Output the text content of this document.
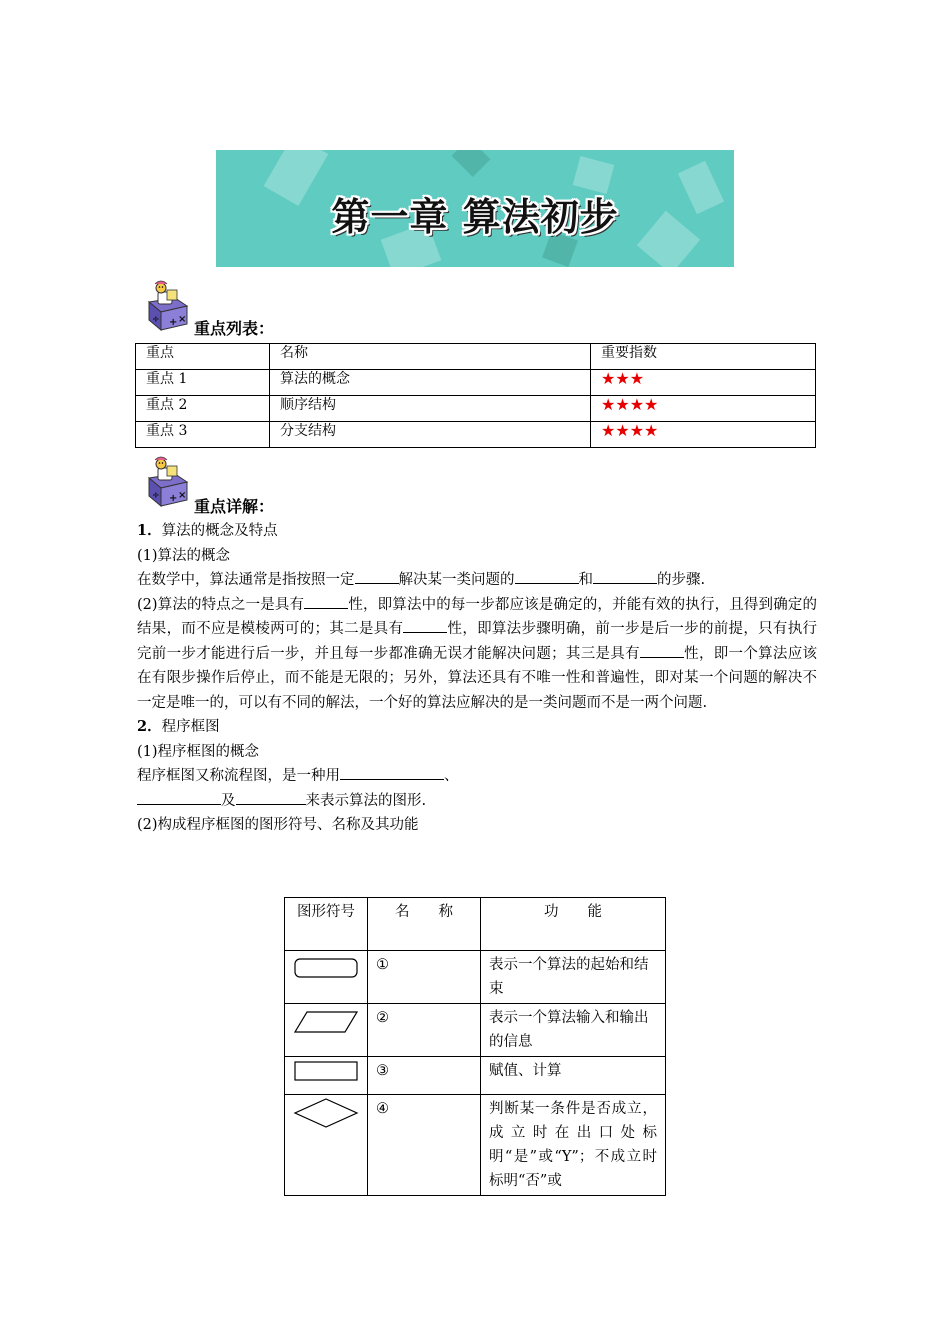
第一章 算法初步
+ ×
÷ 重点列表：
重点	名称	重要指数
重点 1	算法的概念	★★★
重点 2	顺序结构	★★★★
重点 3	分支结构	★★★★
+ ×
÷
重点详解：

1．算法的概念及特点

(1)算法的概念

在数学中，算法通常是指按照一定	解决某一类问题的	和	的步骤.

(2)算法的特点之一是具有	性，即算法中的每一步都应该是确定的，并能有效的执行，且得到确定的结果，而不应是模棱两可的；其二是具有	性，即算法步骤明确，前一步是后一步的前提，只有执行完前一步才能进行后一步，并且每一步都准确无误才能解决问题；其三是具有	性，即一个算法应该在有限步操作后停止，而不能是无限的；另外，算法还具有不唯一性和普遍性，即对某一个问题的解决不一定是唯一的，可以有不同的解法，一个好的算法应解决的是一类问题而不是一两个问题.

2．程序框图

(1)程序框图的概念

程序框图又称流程图，是一种用	、

及	来表示算法的图形.

(2)构成程序框图的图形符号、名称及其功能

图形符号	名　　称	功　　能

	①	表示一个算法的起始和结束

	②	表示一个算法输入和输出的信息

	③	赋值、计算

	④	判断某一条件是否成立，成立时在出口处标明“是”或“Y”；不成立时标明“否”或
